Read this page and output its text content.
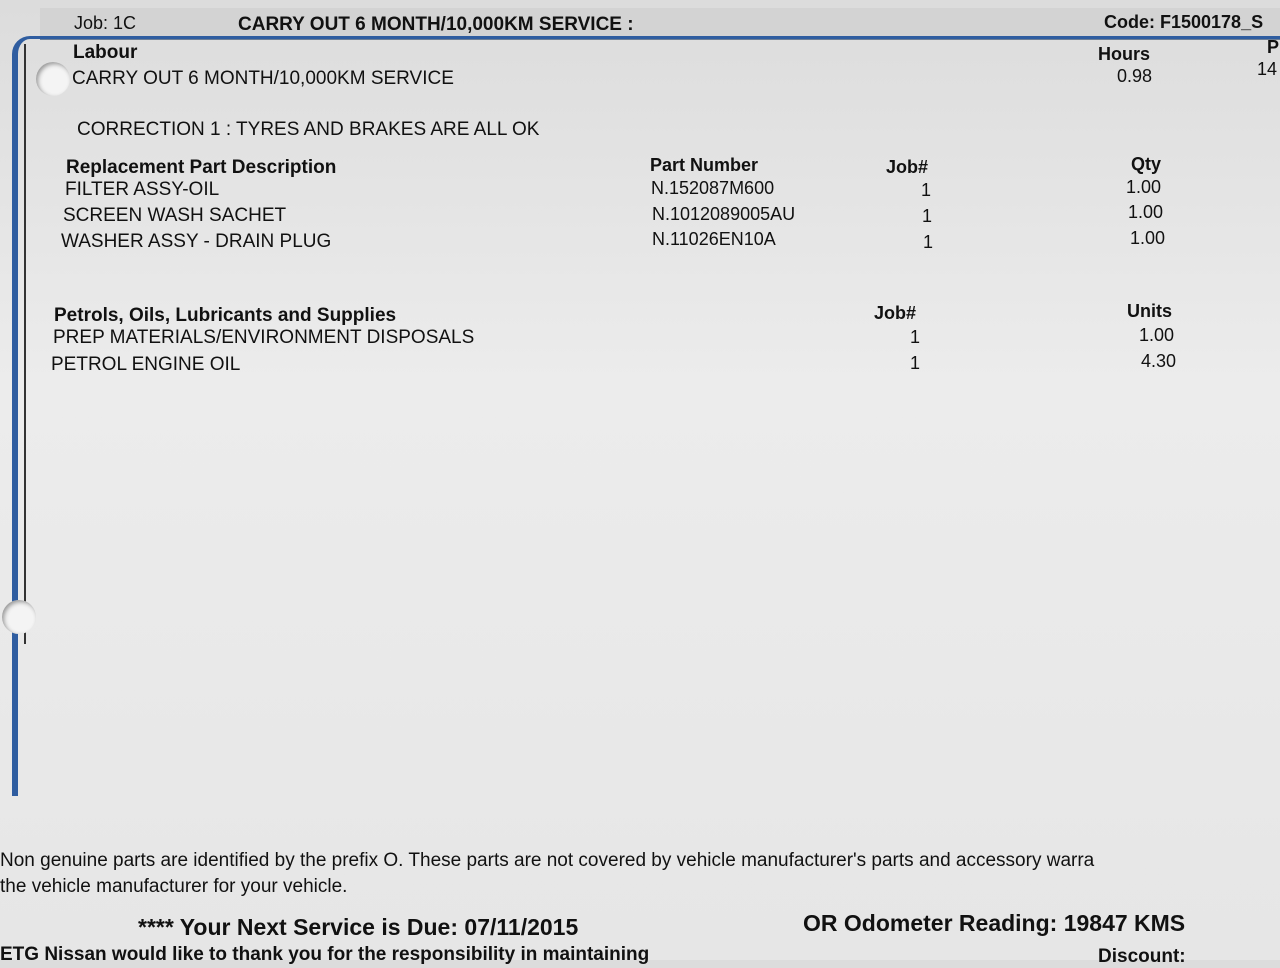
Job: 1C	CARRY OUT 6 MONTH/10,000KM SERVICE :	Code: F1500178_S
Labour
CARRY OUT 6 MONTH/10,000KM SERVICE
Hours
0.98
P
14
CORRECTION 1 : TYRES AND BRAKES ARE ALL OK
Replacement Part Description	Part Number	Job#	Qty
FILTER ASSY-OIL	N.152087M600	1	1.00
SCREEN WASH SACHET	N.1012089005AU	1	1.00
WASHER ASSY - DRAIN PLUG	N.11026EN10A	1	1.00
Petrols, Oils, Lubricants and Supplies	Job#	Units
PREP MATERIALS/ENVIRONMENT DISPOSALS	1	1.00
PETROL ENGINE OIL	1	4.30
Non genuine parts are identified by the prefix O. These parts are not covered by vehicle manufacturer's parts and accessory warra
the vehicle manufacturer for your vehicle.
**** Your Next Service is Due: 07/11/2015	OR Odometer Reading: 19847 KMS
ETG Nissan would like to thank you for the responsibility in maintaining	Discount:
